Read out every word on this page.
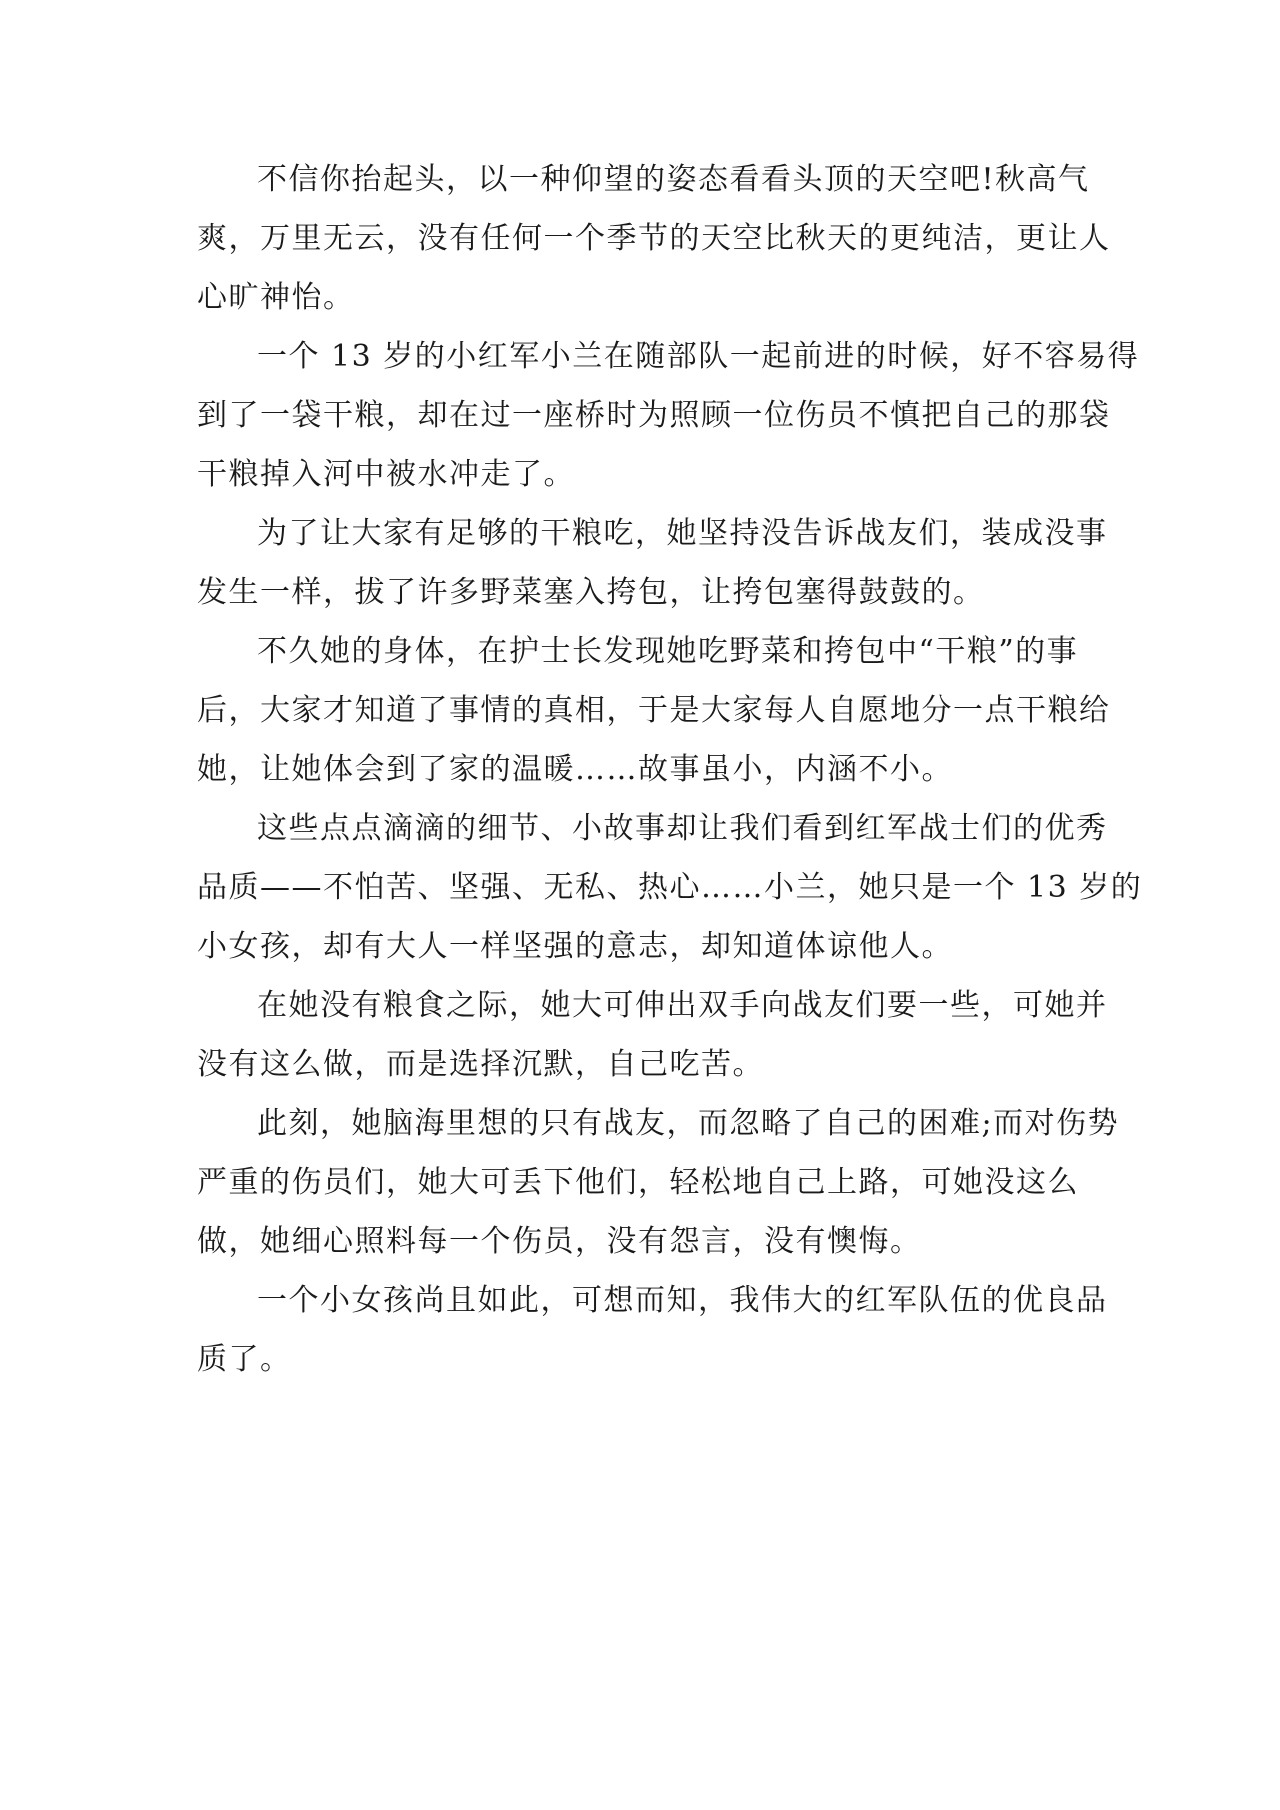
不信你抬起头，以一种仰望的姿态看看头顶的天空吧!秋高气
爽，万里无云，没有任何一个季节的天空比秋天的更纯洁，更让人
心旷神怡。

一个 13 岁的小红军小兰在随部队一起前进的时候，好不容易得
到了一袋干粮，却在过一座桥时为照顾一位伤员不慎把自己的那袋
干粮掉入河中被水冲走了。

为了让大家有足够的干粮吃，她坚持没告诉战友们，装成没事
发生一样，拔了许多野菜塞入挎包，让挎包塞得鼓鼓的。

不久她的身体，在护士长发现她吃野菜和挎包中“干粮”的事
后，大家才知道了事情的真相，于是大家每人自愿地分一点干粮给
她，让她体会到了家的温暖……故事虽小，内涵不小。

这些点点滴滴的细节、小故事却让我们看到红军战士们的优秀
品质——不怕苦、坚强、无私、热心……小兰，她只是一个 13 岁的
小女孩，却有大人一样坚强的意志，却知道体谅他人。

在她没有粮食之际，她大可伸出双手向战友们要一些，可她并
没有这么做，而是选择沉默，自己吃苦。

此刻，她脑海里想的只有战友，而忽略了自己的困难;而对伤势
严重的伤员们，她大可丢下他们，轻松地自己上路，可她没这么
做，她细心照料每一个伤员，没有怨言，没有懊悔。

一个小女孩尚且如此，可想而知，我伟大的红军队伍的优良品
质了。
